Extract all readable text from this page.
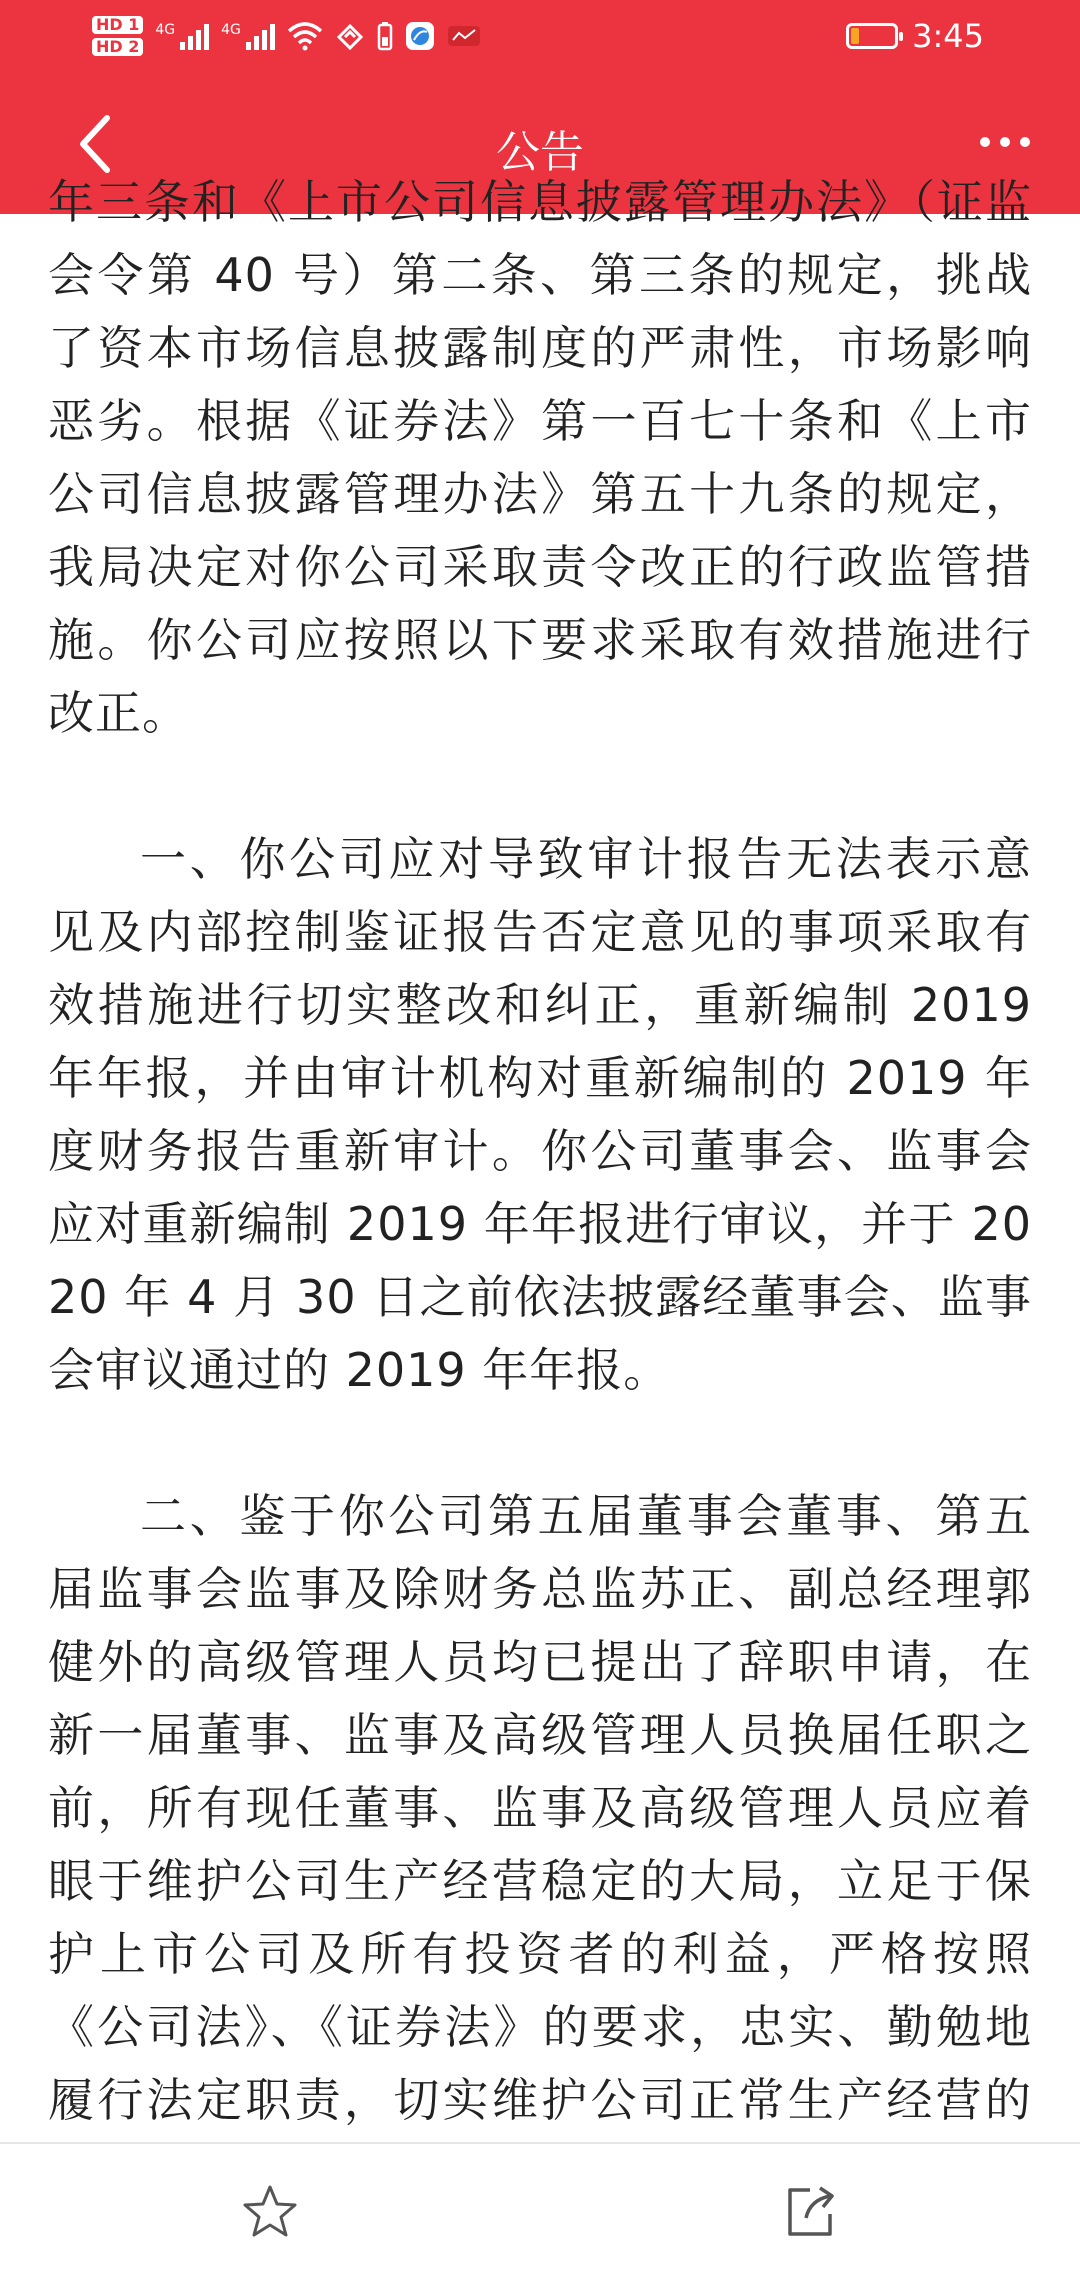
HD 1
HD 2
4G	4G	3:45
公告

年三条和《上市公司信息披露管理办法》（证监会令第 40 号）第二条、第三条的规定，挑战了资本市场信息披露制度的严肃性，市场影响恶劣。根据《证券法》第一百七十条和《上市公司信息披露管理办法》第五十九条的规定，我局决定对你公司采取责令改正的行政监管措施。你公司应按照以下要求采取有效措施进行改正。

一、你公司应对导致审计报告无法表示意见及内部控制鉴证报告否定意见的事项采取有效措施进行切实整改和纠正，重新编制 2019 年年报，并由审计机构对重新编制的 2019 年度财务报告重新审计。你公司董事会、监事会应对重新编制 2019 年年报进行审议，并于 2020 年 4 月 30 日之前依法披露经董事会、监事会审议通过的 2019 年年报。

二、鉴于你公司第五届董事会董事、第五届监事会监事及除财务总监苏正、副总经理郭健外的高级管理人员均已提出了辞职申请，在新一届董事、监事及高级管理人员换届任职之前，所有现任董事、监事及高级管理人员应着眼于维护公司生产经营稳定的大局，立足于保护上市公司及所有投资者的利益，严格按照《公司法》、《证券法》的要求，忠实、勤勉地履行法定职责，切实维护公司正常生产经营的
